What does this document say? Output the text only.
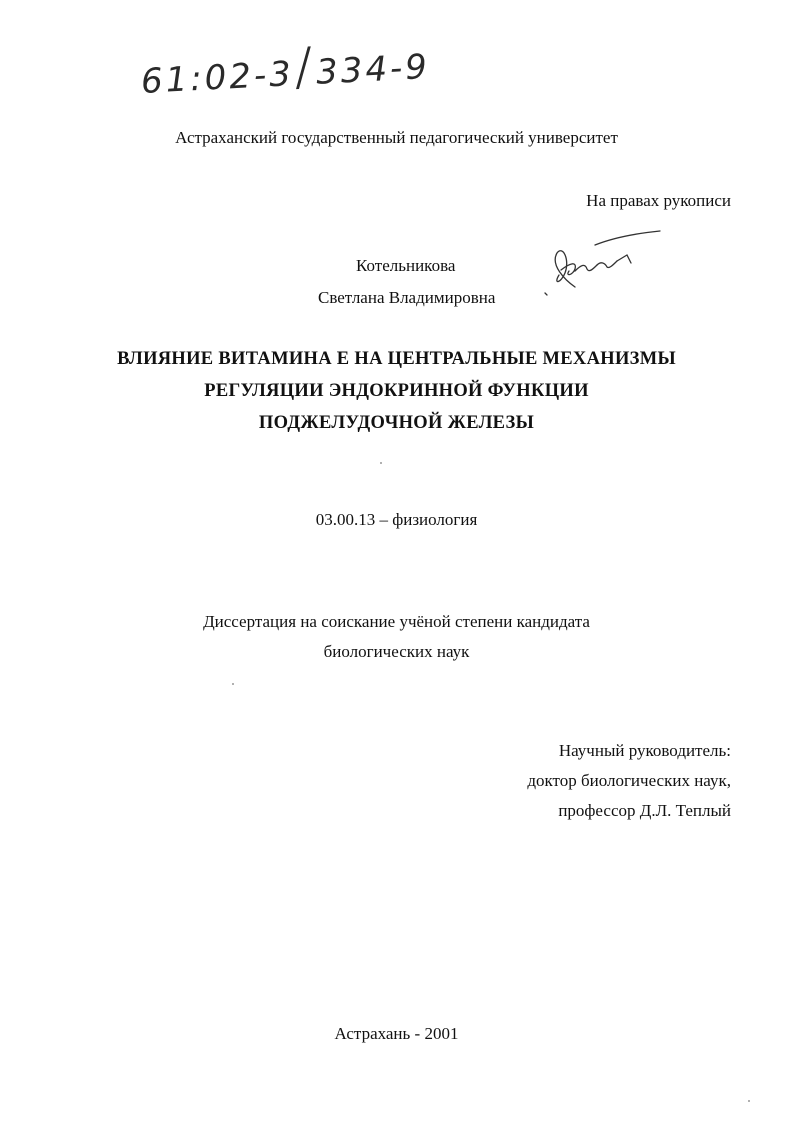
61:02-3/334-9
Астраханский государственный педагогический университет
На правах рукописи
Котельникова
Светлана Владимировна
ВЛИЯНИЕ ВИТАМИНА Е НА ЦЕНТРАЛЬНЫЕ МЕХАНИЗМЫ
РЕГУЛЯЦИИ ЭНДОКРИННОЙ ФУНКЦИИ
ПОДЖЕЛУДОЧНОЙ ЖЕЛЕЗЫ
03.00.13 – физиология
Диссертация на соискание учёной степени кандидата
биологических наук
Научный руководитель:
доктор биологических наук,
профессор Д.Л. Теплый
Астрахань - 2001
